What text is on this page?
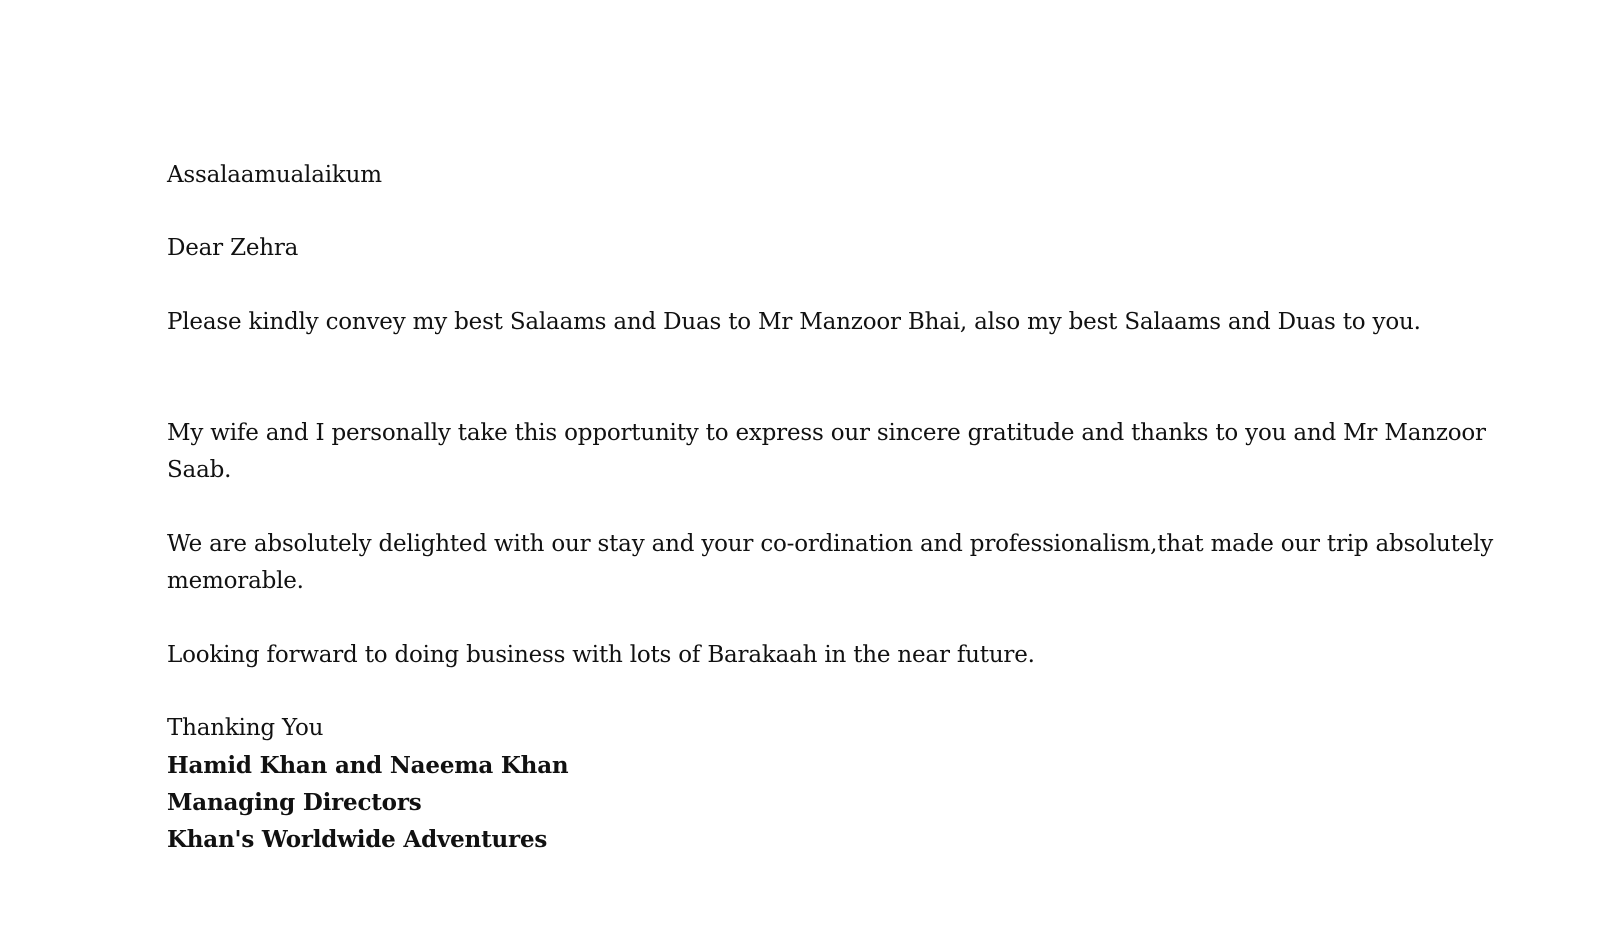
Assalaamualaikum

Dear Zehra

Please kindly convey my best Salaams and Duas to Mr Manzoor Bhai, also my best Salaams and Duas to you.

My wife and I personally take this opportunity to express our sincere gratitude and thanks to you and Mr Manzoor Saab.

We are absolutely delighted with our stay and your co-ordination and professionalism,that made our trip absolutely memorable.

Looking forward to doing business with lots of Barakaah in the near future.

Thanking You

Hamid Khan and Naeema Khan

Managing Directors

Khan's Worldwide Adventures
